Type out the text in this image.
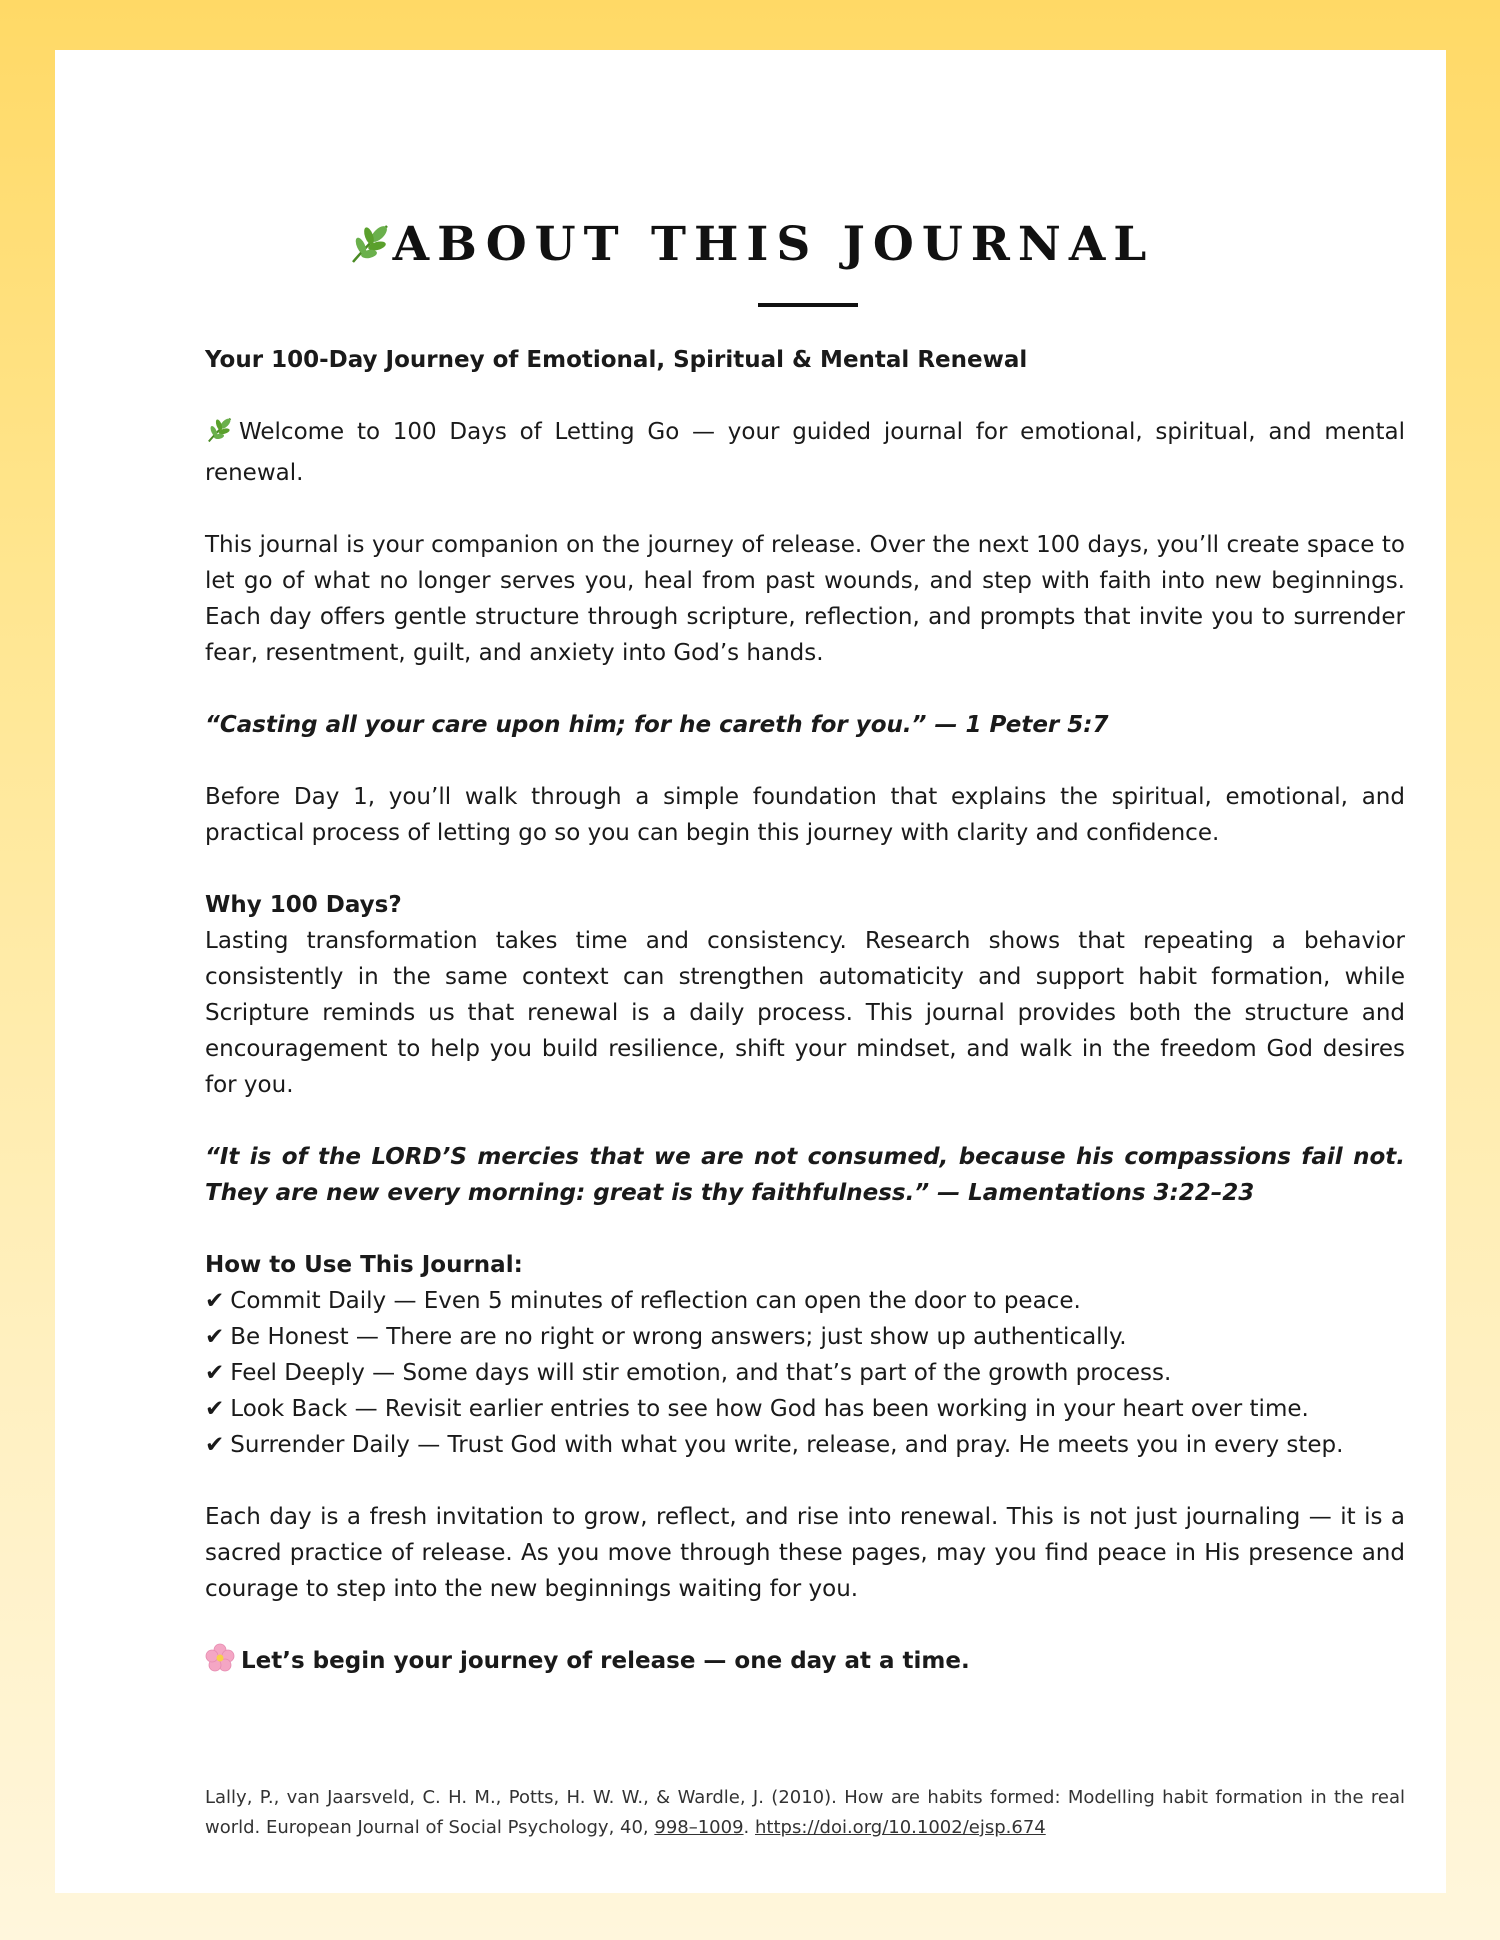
ABOUT THIS JOURNAL

Your 100-Day Journey of Emotional, Spiritual & Mental Renewal

Welcome to 100 Days of Letting Go — your guided journal for emotional, spiritual, and mental renewal.

This journal is your companion on the journey of release. Over the next 100 days, you’ll create space to let go of what no longer serves you, heal from past wounds, and step with faith into new beginnings. Each day offers gentle structure through scripture, reflection, and prompts that invite you to surrender fear, resentment, guilt, and anxiety into God’s hands.

“Casting all your care upon him; for he careth for you.” — 1 Peter 5:7

Before Day 1, you’ll walk through a simple foundation that explains the spiritual, emotional, and practical process of letting go so you can begin this journey with clarity and confidence.

Why 100 Days?

Lasting transformation takes time and consistency. Research shows that repeating a behavior consistently in the same context can strengthen automaticity and support habit formation, while Scripture reminds us that renewal is a daily process. This journal provides both the structure and encouragement to help you build resilience, shift your mindset, and walk in the freedom God desires for you.

“It is of the LORD’S mercies that we are not consumed, because his compassions fail not. They are new every morning: great is thy faithfulness.” — Lamentations 3:22–23

How to Use This Journal:

✔ Commit Daily — Even 5 minutes of reflection can open the door to peace.
✔ Be Honest — There are no right or wrong answers; just show up authentically.
✔ Feel Deeply — Some days will stir emotion, and that’s part of the growth process.
✔ Look Back — Revisit earlier entries to see how God has been working in your heart over time.

✔ Surrender Daily — Trust God with what you write, release, and pray. He meets you in every step.

Each day is a fresh invitation to grow, reflect, and rise into renewal. This is not just journaling — it is a sacred practice of release. As you move through these pages, may you find peace in His presence and courage to step into the new beginnings waiting for you.

Let’s begin your journey of release — one day at a time.

Lally, P., van Jaarsveld, C. H. M., Potts, H. W. W., & Wardle, J. (2010). How are habits formed: Modelling habit formation in the real world. European Journal of Social Psychology, 40, 998–1009. https://doi.org/10.1002/ejsp.674
